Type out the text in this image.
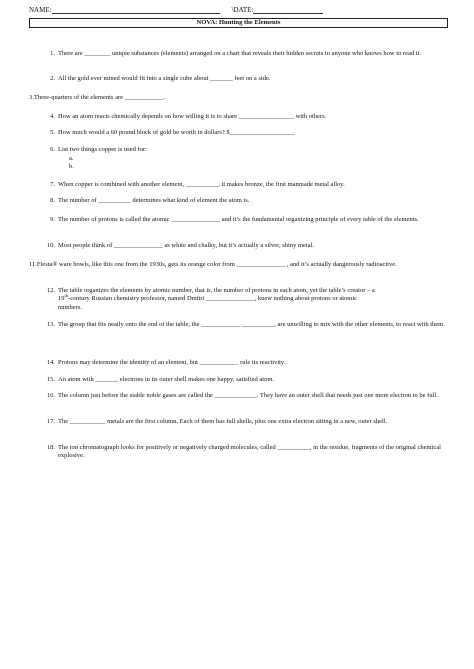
NAME:	\DATE:
NOVA: Hunting the Elements
1. There are ________ unique substances (elements) arranged on a chart that reveals their hidden secrets to anyone who knows how to read it.
2. All the gold ever mined would fit into a single cube about _______ feet on a side.
3.Three-quarters of the elements are ____________.
4. How an atom reacts chemically depends on how willing it is to share _________________ with others.
5. How much would a 60 pound block of gold be worth in dollars? $____________________
6. List two things copper is used for:
a.
b.
7. When copper is combined with another element, __________, it makes bronze, the first manmade metal alloy.
8. The number of __________ determines what kind of element the atom is.
9. The number of protons is called the atomic _______________ and it’s the fundamental organizing principle of every table of the elements.
10. Most people think of _______________ as white and chalky, but it’s actually a silver, shiny metal.
11.Fiesta® ware bowls, like this one from the 1930s, gets its orange color from _______________ , and it’s actually dangerously radioactive.
12. The table organizes the elements by atomic number, that is, the number of protons in each atom, yet the table’s creator – a
19th-century Russian chemistry professor, named Dmitri _______________, knew nothing about protons or atomic
numbers.
13. The group that fits neatly onto the end of the table, the ____________ __________, are unwilling to mix with the other elements, to react with them.
14. Protons may determine the identity of an element, but ____________ rule its reactivity.
15. An atom with _______ electrons in its outer shell makes one happy, satisfied atom.
16. The column just before the stable noble gases are called the _____________. They have an outer shell that needs just one more electron to be full.
17. The ___________ metals are the first column. Each of them has full shells, plus one extra electron sitting in a new, outer shell.
18. The ion chromatograph looks for positively or negatively charged molecules, called __________, in the residue, fragments of the original chemical explosive.
